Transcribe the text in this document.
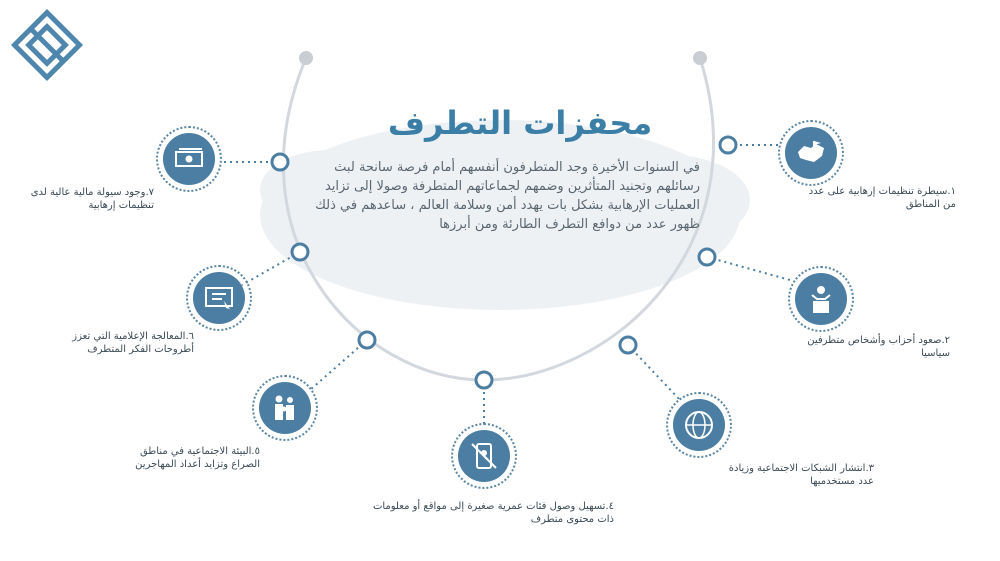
محفزات التطرف
في السنوات الأخيرة وجد المتطرفون أنفسهم أمام فرصة سانحة لبث رسائلهم وتجنيد المتأثرين وضمهم لجماعاتهم المتطرفة وصولا إلى تزايد العمليات الإرهابية بشكل بات يهدد أمن وسلامة العالم ، ساعدهم في ذلك ظهور عدد من دوافع التطرف الطارئة ومن أبرزها
١.سيطرة تنظيمات إرهابية على عدد من المناطق
٢.صعود أحزاب وأشخاص متطرفين سياسيا
٣.انتشار الشبكات الاجتماعية وزيادة عدد مستخدميها
٤.تسهيل وصول فئات عمرية صغيرة إلى مواقع أو معلومات ذات محتوى متطرف
٥.البيئة الاجتماعية في مناطق الصراع وتزايد أعداد المهاجرين
٦.المعالجة الإعلامية التي تعزز أطروحات الفكر المتطرف
٧.وجود سيولة مالية عالية لدى تنظيمات إرهابية
